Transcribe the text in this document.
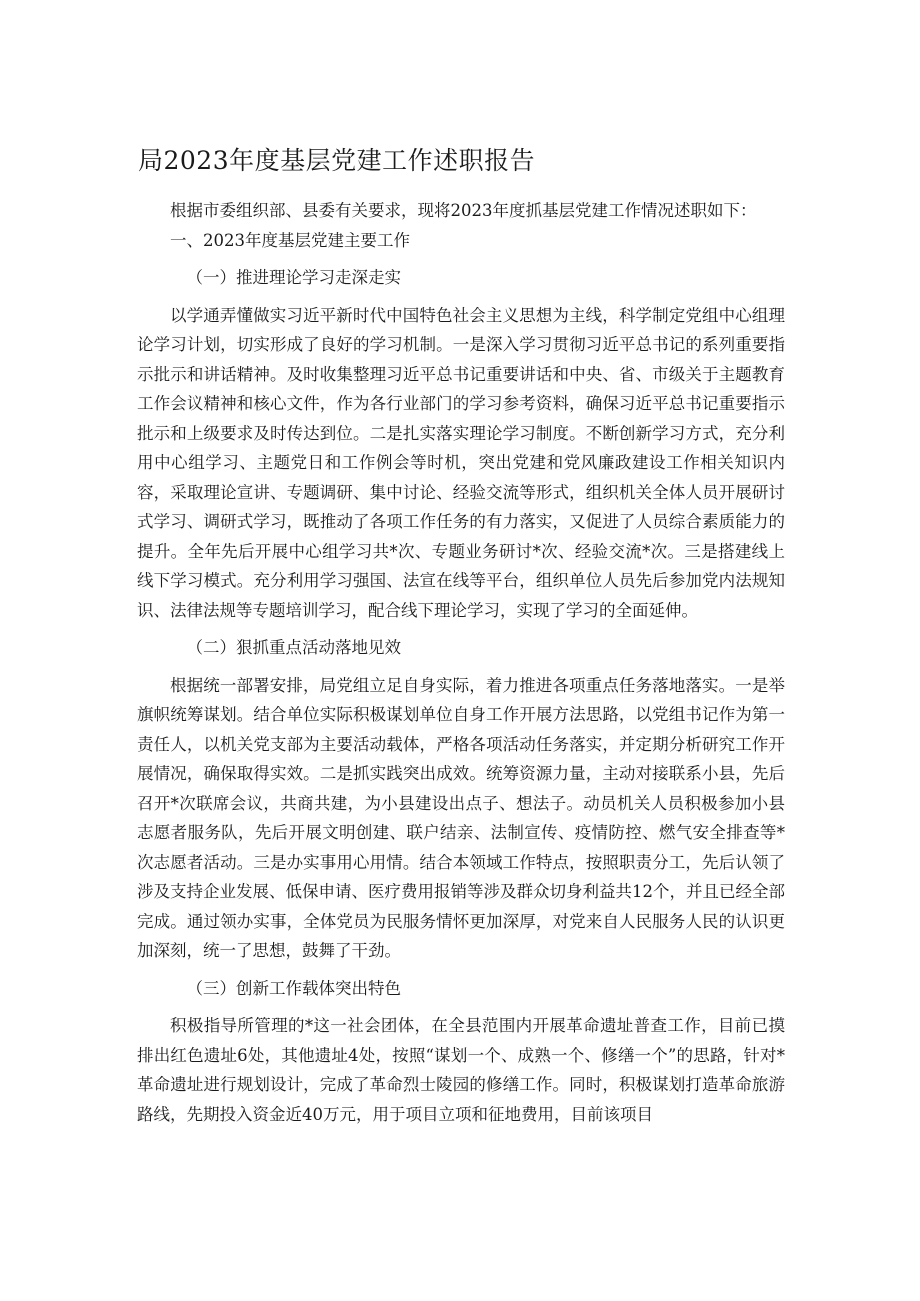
局2023年度基层党建工作述职报告

根据市委组织部、县委有关要求，现将2023年度抓基层党建工作情况述职如下：

一、2023年度基层党建主要工作

（一）推进理论学习走深走实

以学通弄懂做实习近平新时代中国特色社会主义思想为主线，科学制定党组中心组理论学习计划，切实形成了良好的学习机制。一是深入学习贯彻习近平总书记的系列重要指示批示和讲话精神。及时收集整理习近平总书记重要讲话和中央、省、市级关于主题教育工作会议精神和核心文件，作为各行业部门的学习参考资料，确保习近平总书记重要指示批示和上级要求及时传达到位。二是扎实落实理论学习制度。不断创新学习方式，充分利用中心组学习、主题党日和工作例会等时机，突出党建和党风廉政建设工作相关知识内容，采取理论宣讲、专题调研、集中讨论、经验交流等形式，组织机关全体人员开展研讨式学习、调研式学习，既推动了各项工作任务的有力落实，又促进了人员综合素质能力的提升。全年先后开展中心组学习共*次、专题业务研讨*次、经验交流*次。三是搭建线上线下学习模式。充分利用学习强国、法宣在线等平台，组织单位人员先后参加党内法规知识、法律法规等专题培训学习，配合线下理论学习，实现了学习的全面延伸。

（二）狠抓重点活动落地见效

根据统一部署安排，局党组立足自身实际，着力推进各项重点任务落地落实。一是举旗帜统筹谋划。结合单位实际积极谋划单位自身工作开展方法思路，以党组书记作为第一责任人，以机关党支部为主要活动载体，严格各项活动任务落实，并定期分析研究工作开展情况，确保取得实效。二是抓实践突出成效。统筹资源力量，主动对接联系小县，先后召开*次联席会议，共商共建，为小县建设出点子、想法子。动员机关人员积极参加小县志愿者服务队，先后开展文明创建、联户结亲、法制宣传、疫情防控、燃气安全排查等*次志愿者活动。三是办实事用心用情。结合本领域工作特点，按照职责分工，先后认领了涉及支持企业发展、低保申请、医疗费用报销等涉及群众切身利益共12个，并且已经全部完成。通过领办实事，全体党员为民服务情怀更加深厚，对党来自人民服务人民的认识更加深刻，统一了思想，鼓舞了干劲。

（三）创新工作载体突出特色

积极指导所管理的*这一社会团体，在全县范围内开展革命遗址普查工作，目前已摸排出红色遗址6处，其他遗址4处，按照“谋划一个、成熟一个、修缮一个”的思路，针对*革命遗址进行规划设计，完成了革命烈士陵园的修缮工作。同时，积极谋划打造革命旅游路线，先期投入资金近40万元，用于项目立项和征地费用，目前该项目
